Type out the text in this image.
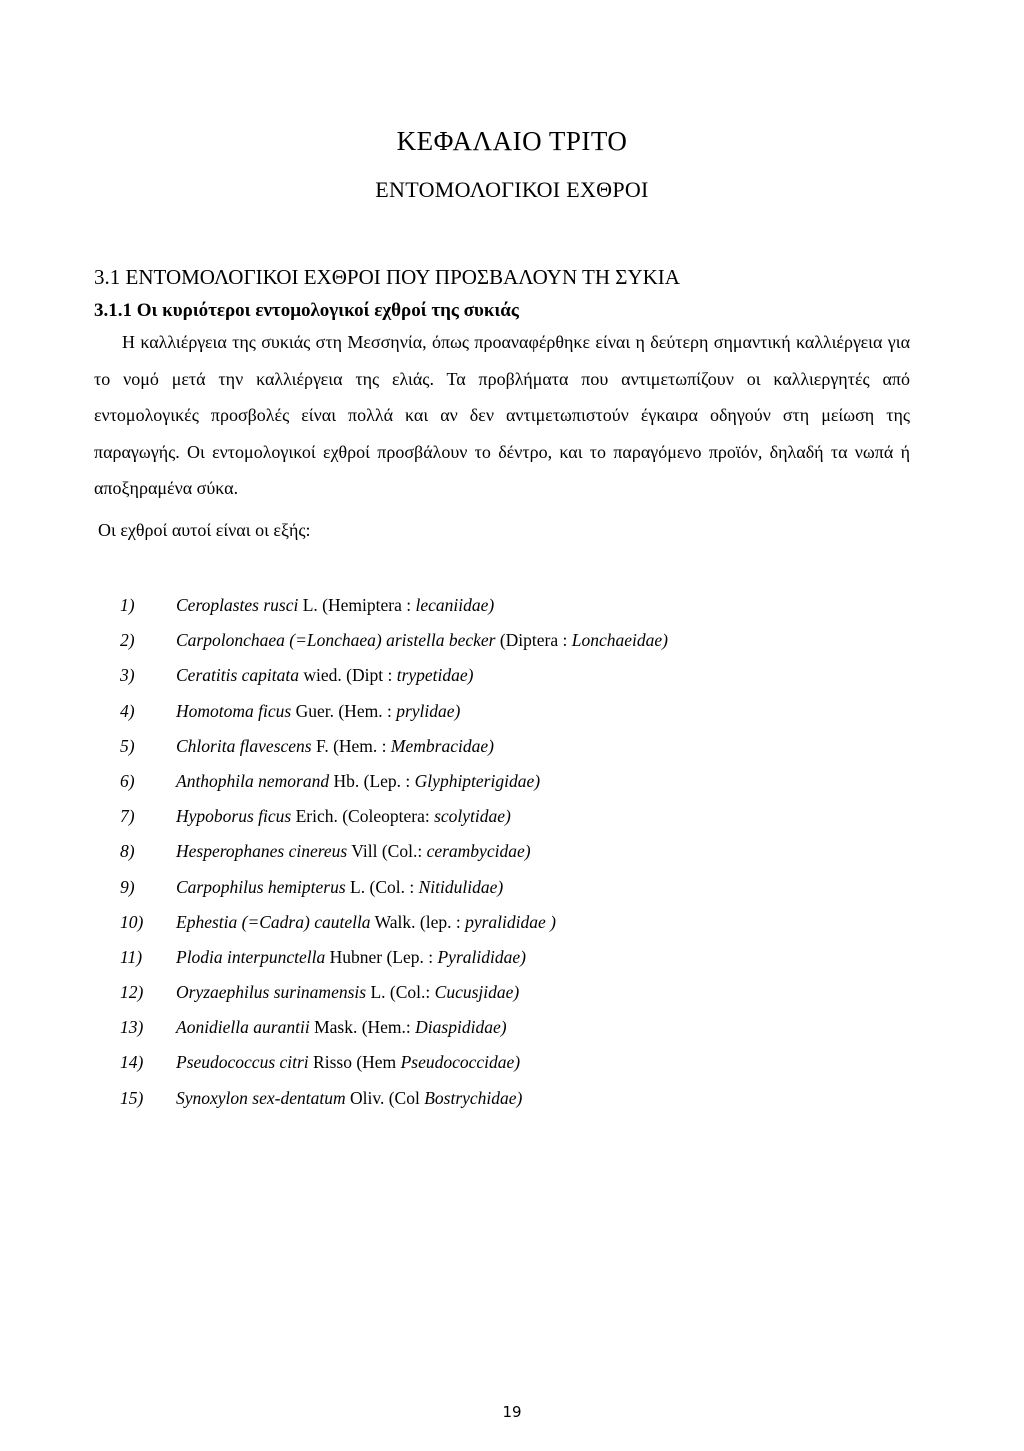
ΚΕΦΑΛΑΙΟ ΤΡΙΤΟ
ΕΝΤΟΜΟΛΟΓΙΚΟΙ ΕΧΘΡΟΙ
3.1 ΕΝΤΟΜΟΛΟΓΙΚΟΙ ΕΧΘΡΟΙ ΠΟΥ ΠΡΟΣΒΑΛΟΥΝ ΤΗ ΣΥΚΙΑ
3.1.1 Οι κυριότεροι εντομολογικοί εχθροί της συκιάς

Η καλλιέργεια της συκιάς στη Μεσσηνία, όπως προαναφέρθηκε είναι η δεύτερη σημαντική καλλιέργεια για το νομό μετά την καλλιέργεια της ελιάς. Τα προβλήματα που αντιμετωπίζουν οι καλλιεργητές από εντομολογικές προσβολές είναι πολλά και αν δεν αντιμετωπιστούν έγκαιρα οδηγούν στη μείωση της παραγωγής. Οι εντομολογικοί εχθροί προσβάλουν το δέντρο, και το παραγόμενο προϊόν, δηλαδή τα νωπά ή αποξηραμένα σύκα.

Οι εχθροί αυτοί είναι οι εξής:
1) Ceroplastes rusci L. (Hemiptera : lecaniidae)
2) Carpolonchaea (=Lonchaea) aristella becker (Diptera : Lonchaeidae)
3) Ceratitis capitata wied. (Dipt : trypetidae)
4) Homotoma ficus Guer. (Hem. : prylidae)
5) Chlorita flavescens F. (Hem. : Membracidae)
6) Anthophila nemorand Hb. (Lep. : Glyphipterigidae)
7) Hypoborus ficus Erich. (Coleoptera: scolytidae)
8) Hesperophanes cinereus Vill (Col.: cerambycidae)
9) Carpophilus hemipterus L. (Col. : Nitidulidae)
10) Ephestia (=Cadra) cautella Walk. (lep. : pyralididae )
11) Plodia interpunctella Hubner (Lep. : Pyralididae)
12) Oryzaephilus surinamensis L. (Col.: Cucusjidae)
13) Aonidiella aurantii Mask. (Hem.: Diaspididae)
14) Pseudococcus citri Risso (Hem Pseudococcidae)
15) Synoxylon sex-dentatum Oliv. (Col Bostrychidae)
19
